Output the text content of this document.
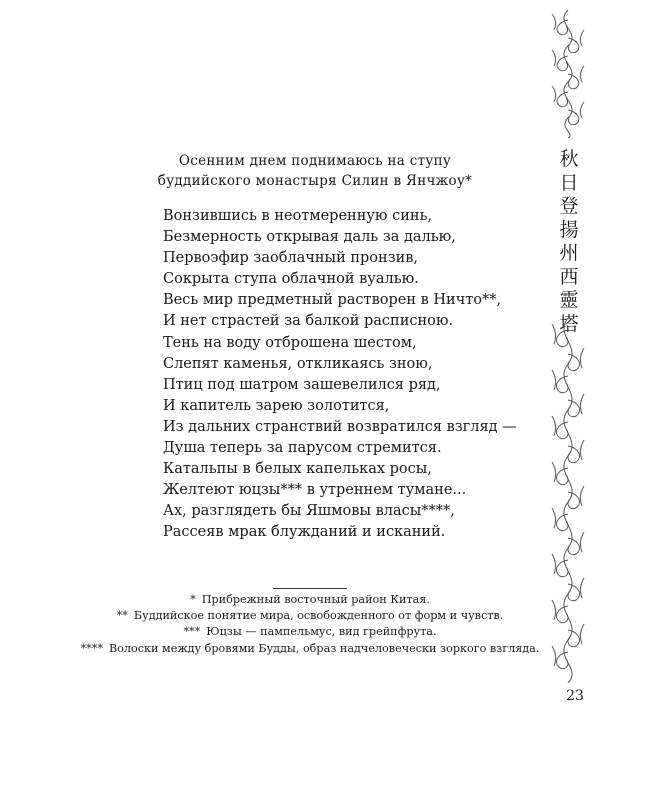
秋
日
登
揚
州
西
靈
塔
Осенним днем поднимаюсь на ступу
буддийского монастыря Силин в Янчжоу*
Вонзившись в неотмеренную синь,
Безмерность открывая даль за далью,
Первоэфир заоблачный пронзив,
Сокрыта ступа облачной вуалью.
Весь мир предметный растворен в Ничто**,
И нет страстей за балкой расписною.
Тень на воду отброшена шестом,
Слепят каменья, откликаясь зною,
Птиц под шатром зашевелился ряд,
И капитель зарею золотится,
Из дальних странствий возвратился взгляд —
Душа теперь за парусом стремится.
Катальпы в белых капельках росы,
Желтеют юцзы*** в утреннем тумане...
Ах, разглядеть бы Яшмовы власы****,
Рассеяв мрак блужданий и исканий.
* Прибрежный восточный район Китая.
** Буддийское понятие мира, освобожденного от форм и чувств.
*** Юцзы — пампельмус, вид грейпфрута.
**** Волоски между бровями Будды, образ надчеловечески зоркого взгляда.
23
